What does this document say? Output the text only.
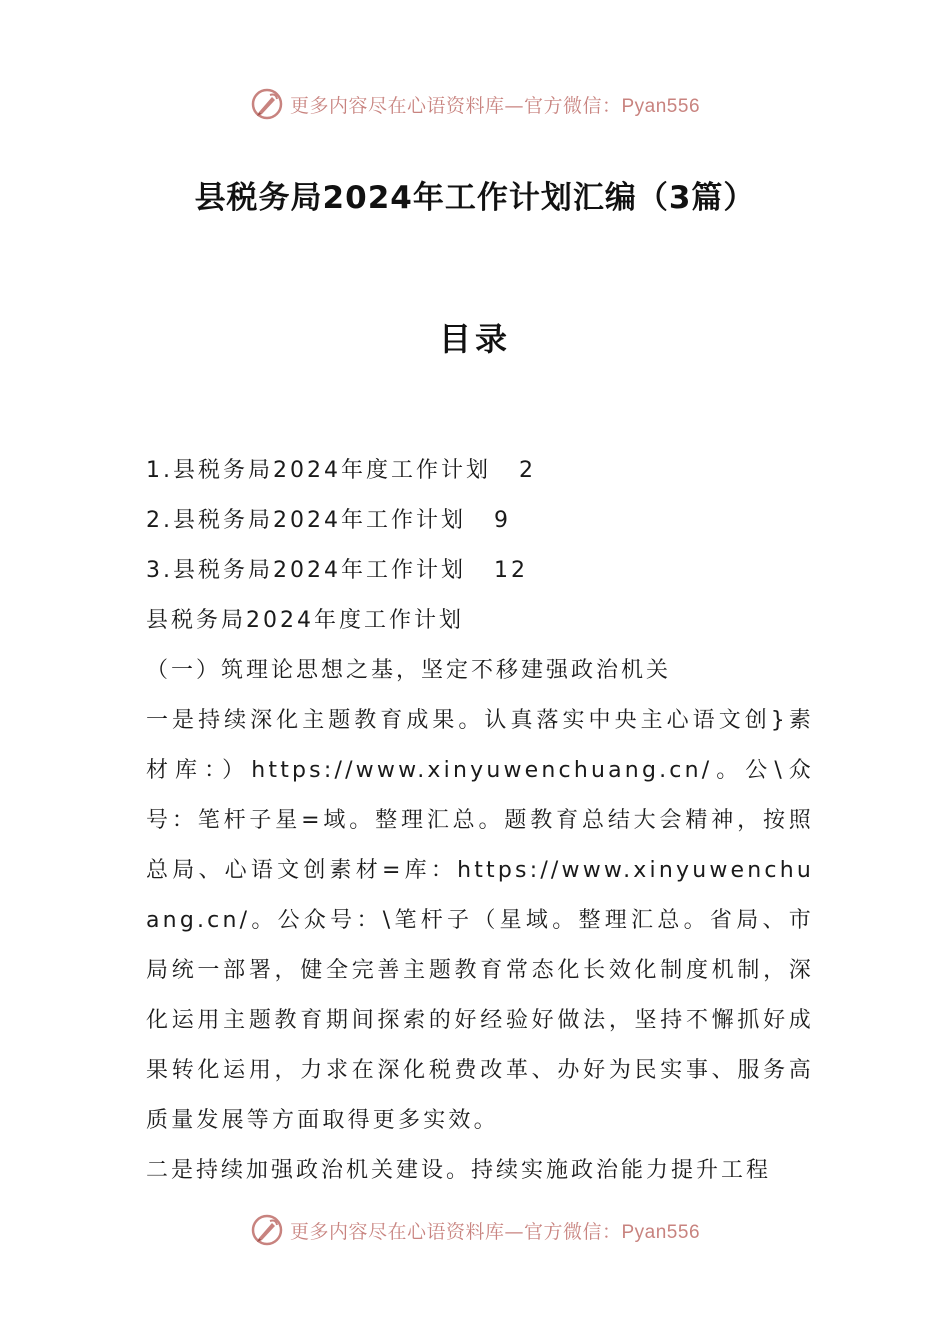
更多内容尽在心语资料库—官方微信：Pyan556
县税务局2024年工作计划汇编（3篇）
目录
1.县税务局2024年度工作计划 2
2.县税务局2024年工作计划 9
3.县税务局2024年工作计划 12
县税务局2024年度工作计划
（一）筑理论思想之基，坚定不移建强政治机关
一是持续深化主题教育成果。认真落实中央主心语文创}素材库：）https://www.xinyuwenchuang.cn/。公\众号：笔杆子星=域。整理汇总。题教育总结大会精神，按照总局、心语文创素材=库：https://www.xinyuwenchuang.cn/。公众号：\笔杆子（星域。整理汇总。省局、市局统一部署，健全完善主题教育常态化长效化制度机制，深化运用主题教育期间探索的好经验好做法，坚持不懈抓好成果转化运用，力求在深化税费改革、办好为民实事、服务高质量发展等方面取得更多实效。
二是持续加强政治机关建设。持续实施政治能力提升工程
更多内容尽在心语资料库—官方微信：Pyan556
